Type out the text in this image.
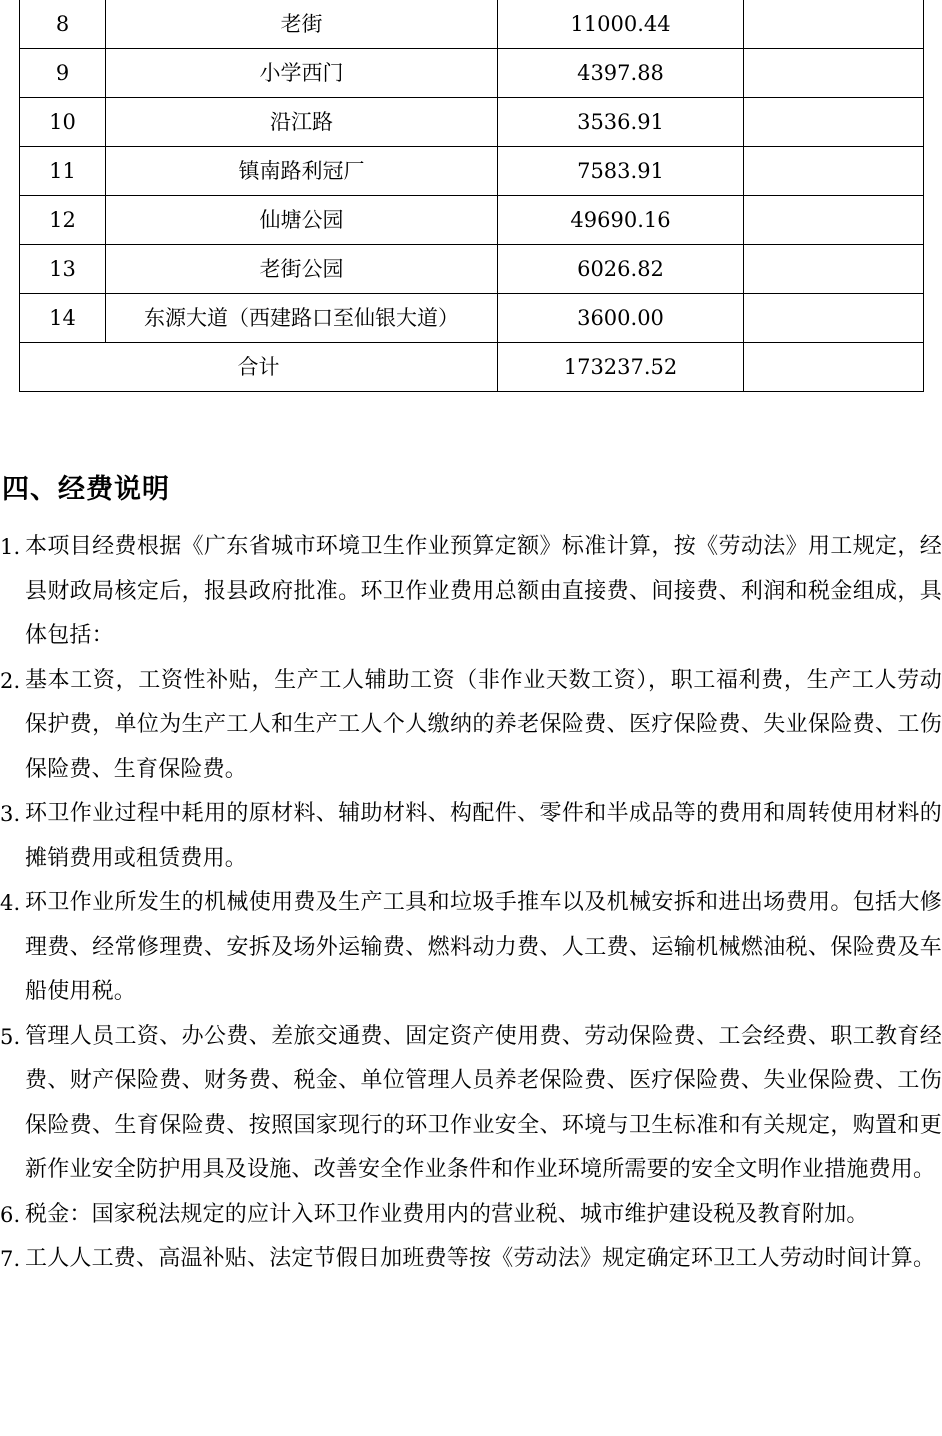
8	老街	11000.44	
9	小学西门	4397.88	
10	沿江路	3536.91	
11	镇南路利冠厂	7583.91	
12	仙塘公园	49690.16	
13	老街公园	6026.82	
14	东源大道（西建路口至仙银大道）	3600.00	
合计		173237.52	
四、经费说明
1. 本项目经费根据《广东省城市环境卫生作业预算定额》标准计算，按《劳动法》用工规定，经县财政局核定后，报县政府批准。环卫作业费用总额由直接费、间接费、利润和税金组成，具体包括：
2. 基本工资，工资性补贴，生产工人辅助工资（非作业天数工资），职工福利费，生产工人劳动保护费，单位为生产工人和生产工人个人缴纳的养老保险费、医疗保险费、失业保险费、工伤保险费、生育保险费。
3. 环卫作业过程中耗用的原材料、辅助材料、构配件、零件和半成品等的费用和周转使用材料的摊销费用或租赁费用。
4. 环卫作业所发生的机械使用费及生产工具和垃圾手推车以及机械安拆和进出场费用。包括大修理费、经常修理费、安拆及场外运输费、燃料动力费、人工费、运输机械燃油税、保险费及车船使用税。
5. 管理人员工资、办公费、差旅交通费、固定资产使用费、劳动保险费、工会经费、职工教育经费、财产保险费、财务费、税金、单位管理人员养老保险费、医疗保险费、失业保险费、工伤保险费、生育保险费、按照国家现行的环卫作业安全、环境与卫生标准和有关规定，购置和更新作业安全防护用具及设施、改善安全作业条件和作业环境所需要的安全文明作业措施费用。
6. 税金：国家税法规定的应计入环卫作业费用内的营业税、城市维护建设税及教育附加。
7. 工人人工费、高温补贴、法定节假日加班费等按《劳动法》规定确定环卫工人劳动时间计算。
